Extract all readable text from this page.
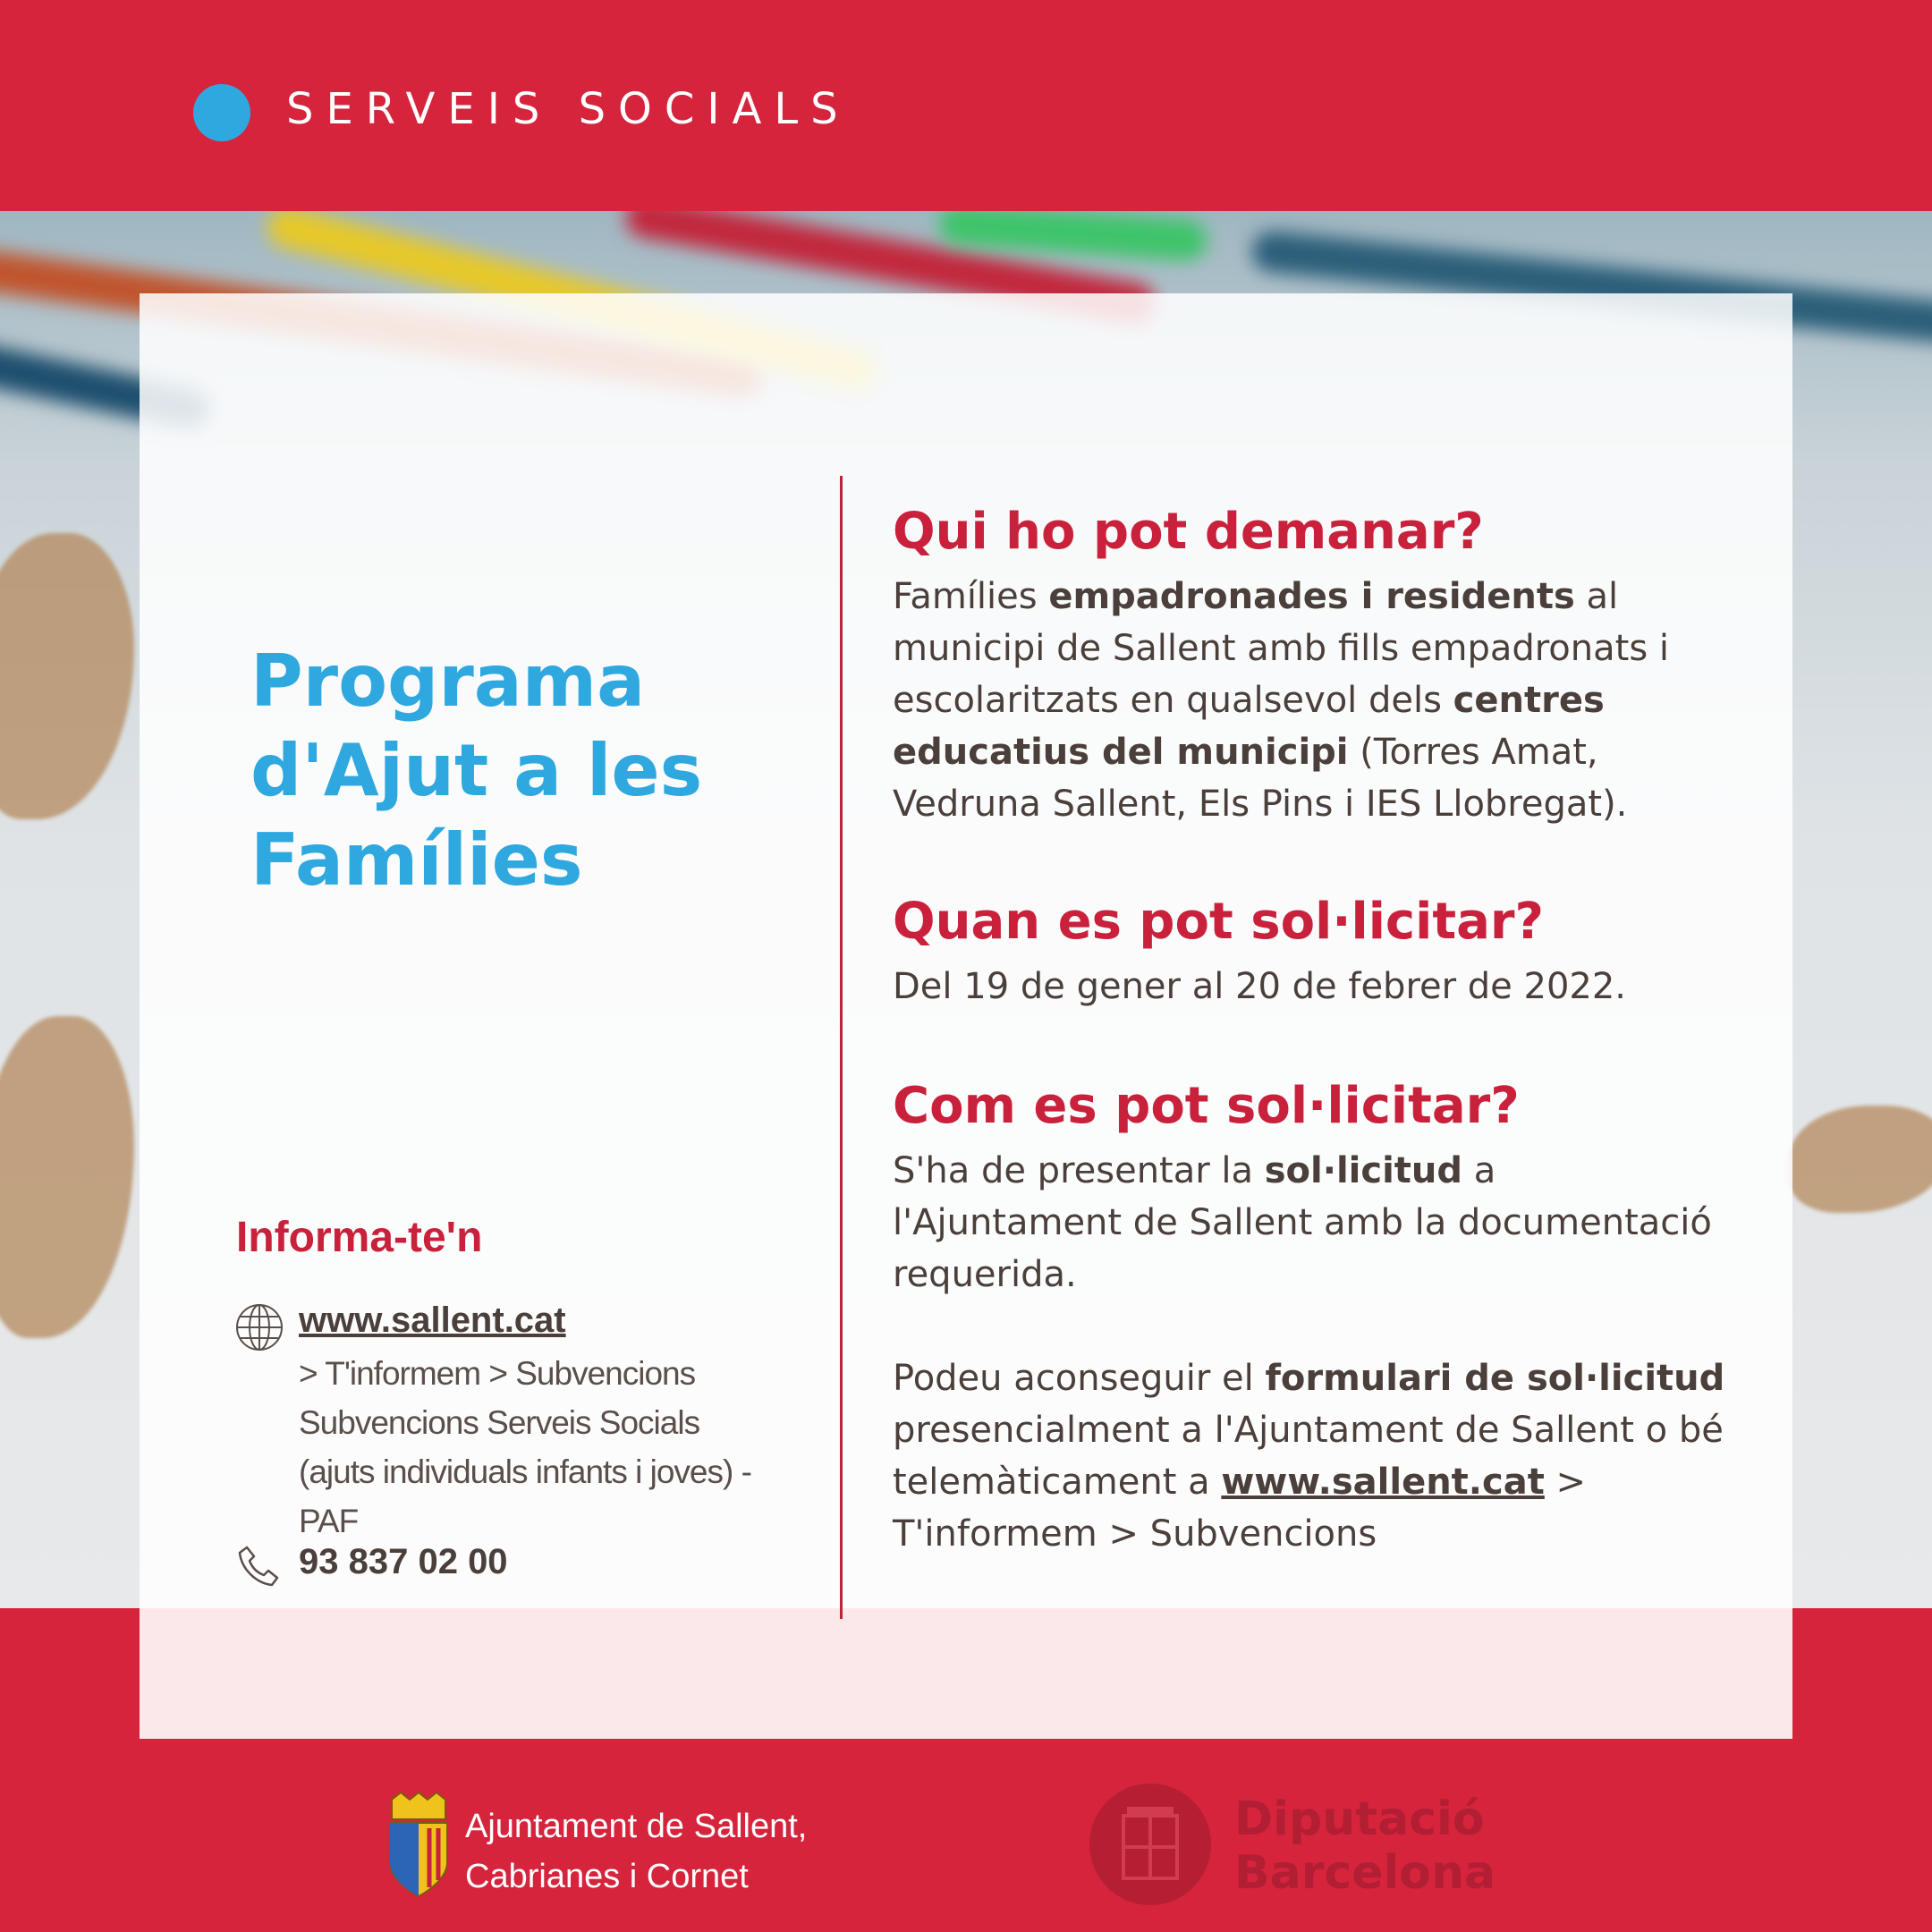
SERVEIS SOCIALS
Programa
d'Ajut a les
Famílies
Informa-te'n
www.sallent.cat
> T'informem > Subvencions
Subvencions Serveis Socials
(ajuts individuals infants i joves) - PAF
93 837 02 00
Qui ho pot demanar?
Famílies empadronades i residents al municipi de Sallent amb fills empadronats i escolaritzats en qualsevol dels centres educatius del municipi (Torres Amat, Vedruna Sallent, Els Pins i IES Llobregat).
Quan es pot sol·licitar?
Del 19 de gener al 20 de febrer de 2022.
Com es pot sol·licitar?
S'ha de presentar la sol·licitud a l'Ajuntament de Sallent amb la documentació requerida.
Podeu aconseguir el formulari de sol·licitud presencialment a l'Ajuntament de Sallent o bé telemàticament a www.sallent.cat > T'informem > Subvencions
Ajuntament de Sallent,
Cabrianes i Cornet
Diputació
Barcelona
